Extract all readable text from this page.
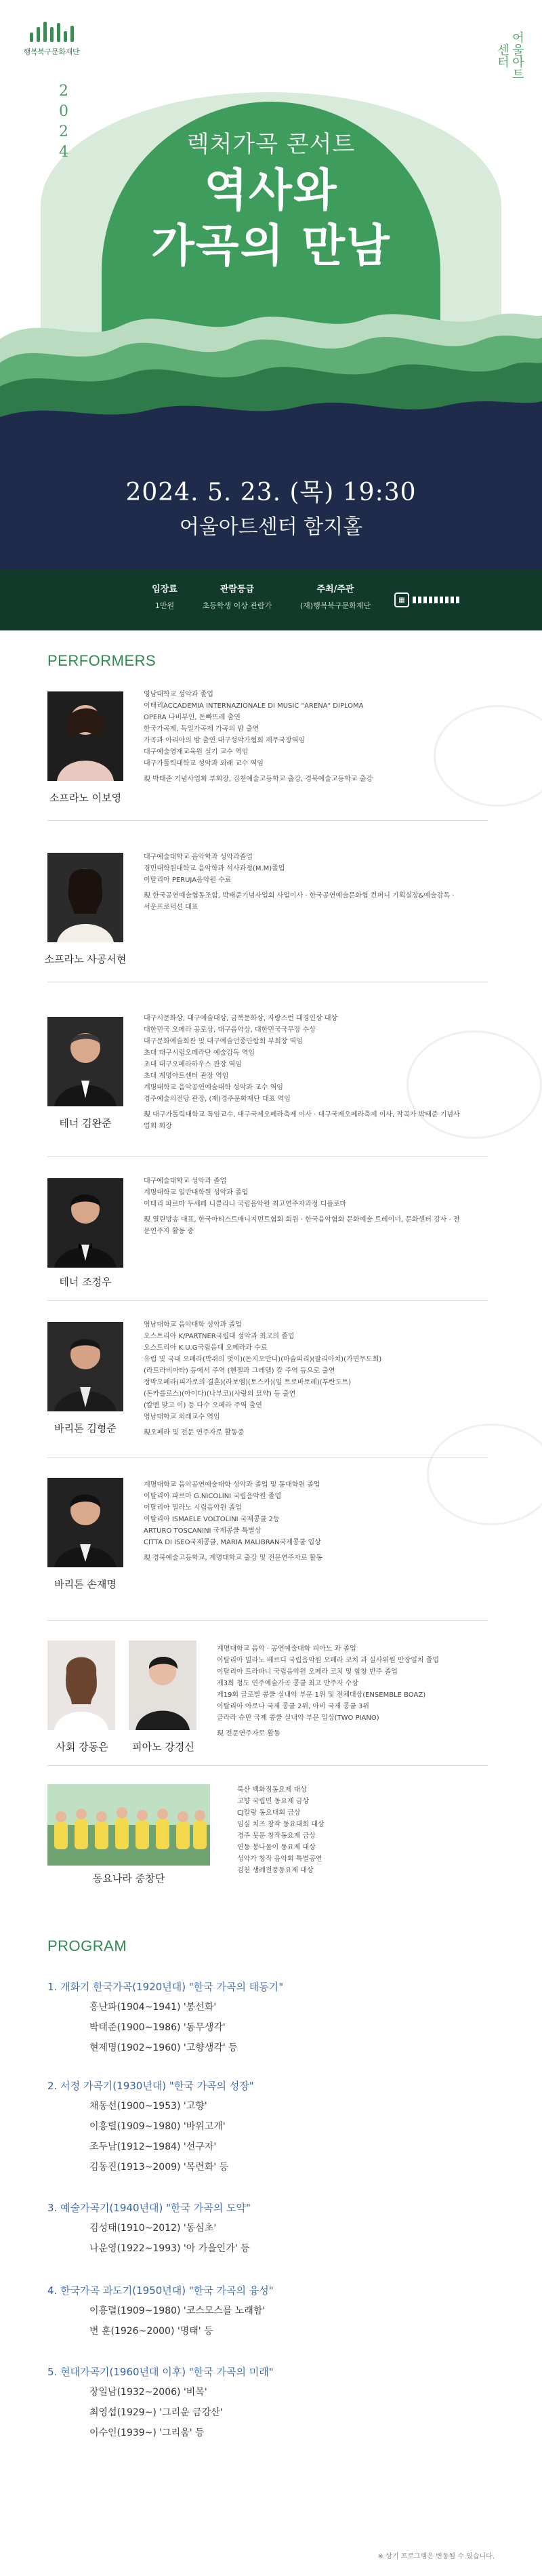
행복북구문화재단
2
0
2
4
어울아트센터
렉처가곡 콘서트
역사와
가곡의 만남
2024. 5. 23. (목) 19:30
어울아트센터 함지홀
입장료
1만원
관람등급
초등학생 이상 관람가
주최/주관
(재)행복북구문화재단
▦
PERFORMERS
소프라노 이보영
영남대학교 성악과 졸업
이태리ACCADEMIA INTERNAZIONALE DI MUSIC "ARENA" DIPLOMA
OPERA 나비부인, 돈빠뜨레 출연
한국가곡제, 독일가곡제 가곡의 밤 출연
가곡과 아리아의 밤 출연 대구성악가협회 제무국장역임
대구예술영재교육원 실기 교수 역임
대구가톨릭대학교 성악과 외래 교수 역임
現 박태준 기념사업회 부회장, 김천예술고등학교 출강, 경북예술고등학교 출강
소프라노 사공서현
대구예술대학교 음악학과 성악과졸업
경민대학원대학교 음악학과 석사과정(M.M)졸업
이탈리아 PERUJA음악원 수료
現 한국공연예술협동조합, 박태준기념사업회 사업이사 · 한국공연예술문화협 컨퍼니 기획실장&예술감독 · 서운프로덕션 대표
테너 김완준
대구시문화상, 대구예술대상, 금복문화상, 자랑스런 대경인상 대상
대한민국 오페라 공로상, 대구음악상, 대한민국국무장 수상
대구문화예술회관 및 대구예술인종단합회 부회장 역임
초대 대구시립오페라단 예술감독 역임
초대 대구오페라하우스 관장 역임
초대 계명아트센터 관장 역임
계명대학교 음악공연예술대학 성악과 교수 역임
경주예술의전당 관장, (재)경주문화재단 대표 역임
現 대구가톨릭대학교 특임교수, 대구국제오페라축제 이사 · 대구국제오페라축제 이사, 작곡가 박태준 기념사업회 회장
테너 조정우
대구예술대학교 성악과 졸업
계명대학교 일반대학원 성악과 졸업
이태리 파르마 두세페 니콜리니 국립음악원 최고연주자과정 디플로마
現 열린방송 대표, 한국아티스트매니지먼트협회 회원 · 한국음악협회 문화예술 트레이너, 문화센터 강사 · 전문연주자 활동 중
바리톤 김형준
영남대학교 음악대학 성악과 졸업
오스트리아 K/PARTNER국립대 성악과 최고의 졸업
오스트리아 K.U.G국립음대 오페라과 수료
유럽 및 국내 오페라(박쥐의 벗이)(돈지오반니)(마술피리)(팔리아치)(가면무도회)
(라트라비아타) 등에서 주역 (헨젤과 그레텔) 칼 주역 등으로 출연
정막오페라(피가로의 결혼)(라보엠)(토스카)(일 트로바토레)(투란도트)
(돈카를로스)(아이다)(나부코)(사랑의 묘약) 등 출연
(칼멘 맞고 이) 등 다수 오페라 주역 출연
영남대학교 외래교수 역임
現오페라 및 전문 연주자로 활동중
바리톤 손재명
계명대학교 음악공연예술대학 성악과 졸업 및 동대학원 졸업
이탈리아 파르마 G.NICOLINI 국립음악원 졸업
이탈리아 밀라노 시립음악원 졸업
이탈리아 ISMAELE VOLTOLINI 국제콩쿨 2등
ARTURO TOSCANINI 국제콩쿨 특별상
CITTA DI ISEO국제콩쿨, MARIA MALIBRAN국제콩쿨 입상
現 경북예술고등학교, 계명대학교 출강 및 전문연주자로 활동
사회 강동은	피아노 강경신
계명대학교 음악 · 공연예술대학 피아노 과 졸업
이탈리아 밀라노 베르디 국립음악원 오페라 코치 과 실사위원 만장일치 졸업
이탈리아 트라파니 국립음악원 오페라 코치 및 합창 반주 졸업
제3회 청도 연주예술가곡 콩쿨 최고 반주자 수상
제19회 글로벌 콩쿨 실내악 부문 1위 및 전체대상(ENSEMBLE BOAZ)
이탈리아 아로나 국제 콩쿨 2위, 아비 국제 콩쿨 3위
클라라 슈만 국제 콩쿨 실내악 부문 입상(TWO PIANO)
現 전문연주자로 활동
동요나라 중창단
북산 백화점동요제 대상
고향 국립민 동요제 금상
CJ칼랑 동요대회 금상
임실 치즈 창작 동요대회 대상
경주 뭇문 창작동요제 금상
연동 봉나물이 동요제 대상
성악가 창작 음악회 특별공연
김천 생례전풍동요제 대상
PROGRAM
1. 개화기 한국가곡(1920년대) "한국 가곡의 태동기"
홍난파(1904~1941) '봉선화'
박태준(1900~1986) '동무생각'
현제명(1902~1960) '고향생각' 등
2. 서정 가곡기(1930년대) "한국 가곡의 성장"
채동선(1900~1953) '고향'
이흥렬(1909~1980) '바위고개'
조두남(1912~1984) '선구자'
김동진(1913~2009) '목련화' 등
3. 예술가곡기(1940년대) "한국 가곡의 도약"
김성태(1910~2012) '동심초'
나운영(1922~1993) '아 가을인가' 등
4. 한국가곡 과도기(1950년대) "한국 가곡의 융성"
이흥렬(1909~1980) '코스모스를 노래함'
변 훈(1926~2000) '명태' 등
5. 현대가곡기(1960년대 이후) "한국 가곡의 미래"
장일남(1932~2006) '비목'
최영섭(1929~) '그리운 금강산'
이수인(1939~) '그리움' 등
※ 상기 프로그램은 변동될 수 있습니다.
